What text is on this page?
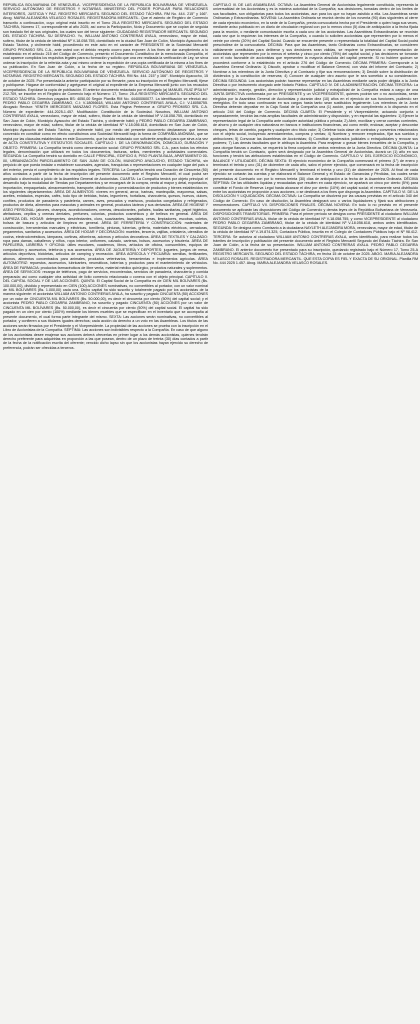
REPÚBLICA BOLIVARIANA DE VENEZUELA. VICEPRESIDENCIA DE LA REPÚBLICA BOLIVARIANA DE VENEZUELA. SERVICIO AUTÓNOMO DE REGISTROS Y NOTARÍAS. MINISTERIO DEL PODER POPULAR PARA RELACIONES INTERIORES, JUSTICIA Y PAZ. REGISTRO MERCANTIL SEGUNDO DEL ESTADO TÁCHIRA. RM No. 444. 215° y 166°. Abog. MARIA ALEJANDRA VELASCO ROSALES. REGISTRADORA MERCANTIL. Que el asiento de Registro de Comercio transcrito a continuación, cuyo original está inscrito en el Tomo 25-A REGISTRO MERCANTIL SEGUNDO DEL ESTADO TÁCHIRA, Número 17, correspondiente al año 2025, así como la Participación, Nota y Documento que se copian de seguida son traslado fiel de sus originales, los cuales son del tenor siguiente: CIUDADANO REGISTRADOR MERCANTIL SEGUNDO DEL ESTADO TÁCHIRA. SU DESPACHO. Yo, WILLIAM ANTONIO CONTRERAS AYALA, venezolano, mayor de edad, soltero, titular de la cédula de identidad Nº V-18.058.755, domiciliado en la ciudad San Juan de Colón, Municipio Ayacucho del Estado Táchira, y civilmente hábil, procediendo en este acto en mi carácter de PRESIDENTE de la Sociedad Mercantil GRUPO PROMISO SRL C.A., ante usted con el debido respeto ocurro para exponer: A los fines de dar cumplimiento a lo establecido en el artículo 215 del Código de Comercio, presento el Documento Constitutivo de la mencionada Compañía, el cual aparece cumplidos los requisitos legales para su formación y solicito que una vez realizada la verificación de Ley, se sirva ordenar la inscripción de la referida acta y así mismo ordene la expedición de una copia certificada de la misma a los fines de su publicación. En San Juan de Colón, a la fecha de su registro. REPÚBLICA BOLIVARIANA DE VENEZUELA. VICEPRESIDENCIA DE LA REPÚBLICA BOLIVARIANA DE VENEZUELA. SERVICIO AUTÓNOMO DE REGISTROS Y NOTARÍAS. REGISTRO MERCANTIL SEGUNDO DEL ESTADO TÁCHIRA. RM No. 444. 215° y 166°. Municipio Ayacucho, 15 de octubre de 2025. Por presentada la anterior participación por su firmante, para su inscripción en el Registro Mercantil, fíjese y publíquese. Hágase de conformidad y agréguese el original al expediente de la Empresa Mercantil junto con los recaudos acompañados. Expídase la copia de publicación. El anterior documento redactado por el Abogado (a) MANUEL RUIZ IPSA N.º 212.709, se inscribe en el Registro de Comercio bajo el Número: 17, Tomo: 25-A REGISTRO MERCANTIL SEGUNDO DEL ESTADO TÁCHIRA. Derechos pagados BS: 4050,00 Según Planilla RM No. 44400060077. La identificación se efectuó así: PEDRO PABLO CEGARRA ZAMBRANO, C.I: V-18056618, WILLIAM ANTONIO CONTRERAS AYALA, C.I: V-18058755. Abogado Revisor: YENITH MERCEDES MANZANO FLORES. Esta Página Pertenece a: GRUPO PROMISO SRL C.A. Número de expediente: 444-2025-1.457. Modificación: Constitución de la Sociedad. Nosotros, WILLIAM ANTONIO CONTRERAS AYALA, venezolano, mayor de edad, soltero, titular de la cédula de identidad Nº V-18.058.755, domiciliado en San Juan de Colón, Municipio Ayacucho del Estado Táchira, y civilmente hábil; y PEDRO PABLO CEGARRA ZAMBRANO, venezolano, mayor de edad, soltero, titular de la cédula de identidad Nº V-18.056.618, domiciliado en San Juan de Colón, Municipio Ayacucho del Estado Táchira, y civilmente hábil, por medio del presente documento declaramos: que hemos convenido en constituir como en efecto constituimos una Sociedad Mercantil bajo la forma de COMPAÑÍA ANÓNIMA, que se regirá por las cláusulas establecidas en este Documento, que ha sido redactado con suficiente amplitud para que sirva a la vez de ACTA CONSTITUTIVA Y ESTATUTOS SOCIALES. CAPÍTULO I. DE LA DENOMINACIÓN, DOMICILIO, DURACIÓN Y OBJETO. PRIMERA: La Compañía tendrá como denominación social: GRUPO PROMISO SRL C.A., para todos los efectos legales, denominación que utilizará en todos los documentos, facturas, sellos, membretes y actividades comerciales. SEGUNDA: La Compañía tendrá su domicilio en CALLE PRINCIPAL, EDIFICIO 8, PISO PLANTA BAJA, APARTAMENTO 00-00, URBANIZACIÓN PARCELAMIENTO DE SAN JUAN DE COLÓN, MUNICIPIO AYACUCHO, ESTADO TÁCHIRA, sin perjuicio de que pueda instalar o establecer sucursales, agencias, franquicias o representaciones en cualquier lugar del país o del exterior, previa el cumplimiento de los requisitos legales. TERCERA: La Compañía tendrá una Duración de Cincuenta (50) años contados a partir de la fecha de inscripción del presente documento ante el Registro Mercantil, el cual podrá ser ampliado o disminuido a juicio de la Asamblea General de Accionistas. CUARTA: La Compañía tendrá por objeto principal: el desarrollo bajo la modalidad de Tiendas por Departamentos y se encargará de la compra, venta al mayor y detal, exportación, importación, empaquetado, almacenamiento, transporte, distribución y comercialización de productos y bienes establecidos en los siguientes departamentos: ÁREA DE ALIMENTOS: víveres en general, arroz, harinas, mantequilla, mayonesa, salsas, aceites, enlatados, especias, cafés, todo tipo de bebidas, frutas, legumbres, hortalizas, charcutería, quesos, huevos, dulces, confites, productos de panadería y pastelería, carnes, aves, pescados y mariscos, productos congelados y refrigerados, productos de dieta, alimentos para mascotas y animales en general, productos lácteos y sus derivados. ÁREA DE HIGIENE Y ASEO PERSONAL: jabones, champús, acondicionadores, cremas, desodorantes, pañales, toallas sanitarias, papel higiénico, afeitadoras, cepillos y cremas dentales, perfumes, colonias, productos cosméticos y de belleza en general. ÁREA DE LIMPIEZA DEL HOGAR: detergentes, desinfectantes, cloro, suavizantes, lavaplatos, ceras, limpiadores, escobas, coletos, bolsas de basura y artículos de limpieza en general. ÁREA DE FERRETERÍA Y CONSTRUCCIÓN: materiales de construcción, herramientas manuales y eléctricas, tornillería, pinturas, tuberías, grifería, materiales eléctricos, cerraduras, pegamentos, sanitarios y accesorios. ÁREA DE HOGAR Y DECORACIÓN: muebles, lencería, vajillas, cristalería, utensilios de cocina, electrodomésticos, lámparas, cortinas, alfombras, adornos y artículos decorativos. ÁREA DE TEXTILES Y CALZADO: ropa para damas, caballeros y niños, ropa interior, uniformes, calzado, carteras, bolsos, accesorios y bisutería. ÁREA DE PAPELERÍA, LIBRERÍA Y OFICINA: útiles escolares, cuadernos, libros, artículos de oficina, consumibles, equipos de computación y accesorios, telefonía y sus accesorios. ÁREA DE JUGUETERÍA Y DEPORTES: juguetes, juegos de mesa, artículos deportivos, bicicletas, artículos de camping y recreación. ÁREA AGRÍCOLA Y PECUARIA: semillas, fertilizantes, abonos, alimentos concentrados para animales, productos veterinarios, herramientas e implementos agrícolas. ÁREA AUTOMOTRIZ: repuestos, accesorios, lubricantes, neumáticos, baterías y productos para el mantenimiento de vehículos. ÁREA DE FARMACIA: productos farmacéuticos de libre venta, material médico quirúrgico, productos naturales y suplementos. ÁREA DE SERVICIOS: recarga de teléfonos, pago de servicios, encomiendas, servicios de panadería, charcutería y comida preparada; así como cualquier otra actividad de lícito comercio relacionada o conexa con el objeto principal. CAPÍTULO II. DEL CAPITAL SOCIAL Y DE LAS ACCIONES. QUINTA: El Capital Social de la Compañía es de CIEN MIL BOLÍVARES (Bs. 100.000,00), dividido y representado en CIEN (100) ACCIONES nominativas, no convertibles al portador, con un valor nominal de MIL BOLÍVARES (Bs. 1.000,00) cada una. Dicho capital ha sido suscrito y totalmente pagado por los accionistas de la manera siguiente: el accionista WILLIAM ANTONIO CONTRERAS AYALA, ha suscrito y pagado CINCUENTA (50) ACCIONES por un valor de CINCUENTA MIL BOLÍVARES (Bs. 50.000,00), es decir el cincuenta por ciento (50%) del capital social; y el accionista PEDRO PABLO CEGARRA ZAMBRANO, ha suscrito y pagado CINCUENTA (50) ACCIONES por un valor de CINCUENTA MIL BOLÍVARES (Bs. 50.000,00), es decir el cincuenta por ciento (50%) del capital social. El capital ha sido pagado en un cien por ciento (100%) mediante los bienes muebles que se especifican en el inventario que se acompaña al presente documento, el cual forma parte integrante del mismo. SEXTA: Las acciones serán nominativas, no convertibles al portador, y confieren a sus titulares iguales derechos; cada acción da derecho a un voto en las Asambleas. Los títulos de las acciones serán firmados por el Presidente y el Vicepresidente. La propiedad de las acciones se prueba con la inscripción en el Libro de Accionistas de la Compañía. SÉPTIMA: Las acciones son indivisibles respecto a la Compañía. En caso de que alguno de los accionistas desee enajenar sus acciones deberá ofrecerlas en primer lugar a los demás accionistas, quienes tendrán derecho preferente para adquirirlas en proporción a las que posean, dentro de un plazo de treinta (30) días contados a partir de la fecha de la notificación escrita del oferente; vencido dicho lapso sin que los accionistas hayan ejercido su derecho de preferencia, podrán ser ofrecidas a terceros.

CAPÍTULO III. DE LAS ASAMBLEAS. OCTAVA: La Asamblea General de Accionistas legalmente constituida, representa la universalidad de los Accionistas y es la máxima autoridad de la Compañía; sus decisiones, tomadas dentro de los límites de sus facultades, son obligatorias para todos los accionistas, aun para los que no hayan asistido a ella. Las Asambleas serán Ordinarias y Extraordinarias. NOVENA: La Asamblea Ordinaria se reunirá dentro de los noventa (90) días siguientes al cierre de cada ejercicio económico, en la sede de la Compañía, previa convocatoria hecha por el Presidente o quien haga sus veces, mediante aviso publicado en un diario de circulación regional con por lo menos cinco (5) días de anticipación a la fecha fijada para la reunión, o mediante comunicación escrita a cada uno de los accionistas. Las Asambleas Extraordinarias se reunirán cada vez que lo requieran los intereses de la Compañía, o cuando lo soliciten accionistas que representen por lo menos el veinte por ciento (20%) del Capital Social. Cuando se encuentre presente o representada la totalidad del Capital Social podrá prescindirse de la convocatoria. DÉCIMA: Para que las Asambleas, tanto Ordinarias como Extraordinarias, se consideren válidamente constituidas para deliberar y sus decisiones sean válidas, se requiere la presencia o representación de accionistas que representen por lo menos el setenta y cinco por ciento (75%) del capital social, y las decisiones se tomarán con el voto favorable de accionistas que representen la mayoría absoluta del capital presente. Si no hubiere quórum se procederá conforme a lo establecido en el artículo 276 del Código de Comercio. DÉCIMA PRIMERA: Corresponde a la Asamblea General Ordinaria: 1) Discutir, aprobar o modificar el Balance General, con vista del informe del Comisario; 2) Nombrar a los miembros de la Junta Directiva y al Comisario y fijar sus remuneraciones; 3) Decidir sobre la distribución de dividendos y la constitución de reservas; 4) Conocer de cualquier otro asunto que le sea sometido a su consideración. DÉCIMA SEGUNDA: Los accionistas podrán hacerse representar en las Asambleas mediante carta poder dirigida a la Junta Directiva o por instrumento otorgado ante Notario Público. CAPÍTULO IV. DE LA ADMINISTRACIÓN. DÉCIMA TERCERA: La administración, manejo, gestión, dirección y representación judicial y extrajudicial de la Compañía estará a cargo de una JUNTA DIRECTIVA conformada por un PRESIDENTE y un VICEPRESIDENTE, quienes podrán ser o no accionistas, serán elegidos por la Asamblea General de Accionistas y durarán diez (10) años en el ejercicio de sus funciones, pudiendo ser reelegidos. En todo caso continuarán en sus cargos hasta tanto sean sustituidos legalmente. Los miembros de la Junta Directiva deberán depositar en la Caja Social de la Compañía una (1) acción, para dar cumplimiento a lo dispuesto en el artículo 244 del Código de Comercio. DÉCIMA CUARTA: El Presidente y el Vicepresidente, actuando conjunta o separadamente, tendrán las más amplias facultades de administración y disposición, y en especial las siguientes: 1) Ejercer la representación legal de la Compañía ante cualquier autoridad pública o privada; 2) Abrir, movilizar y cerrar cuentas corrientes, de ahorro y de cualquier otra naturaleza en bancos e instituciones financieras, así como emitir, endosar, aceptar y descontar cheques, letras de cambio, pagarés y cualquier otro título valor; 3) Celebrar toda clase de contratos y convenios relacionados con el objeto social, incluyendo arrendamientos, compras y ventas; 4) Nombrar y remover empleados, fijar sus sueldos y atribuciones; 5) Convocar las Asambleas de Accionistas; 6) Constituir apoderados judiciales o extrajudiciales y revocar sus poderes; 7) Las demás facultades que le atribuya la Asamblea. Para enajenar o gravar bienes inmuebles de la Compañía, y para otorgar fianzas o avales, se requerirá la firma conjunta de ambos miembros de la Junta Directiva. DÉCIMA QUINTA: La Compañía tendrá un Comisario, quien será designado por la Asamblea General de Accionistas, durará un (1) año en sus funciones y tendrá las atribuciones establecidas en el Código de Comercio. CAPÍTULO V. DEL EJERCICIO ECONÓMICO, BALANCE Y UTILIDADES. DÉCIMA SEXTA: El ejercicio económico de la Compañía comenzará el primero (1°) de enero y terminará el treinta y uno (31) de diciembre de cada año, salvo el primer ejercicio, que comenzará en la fecha de inscripción del presente documento en el Registro Mercantil y terminará el treinta y uno (31) de diciembre de 2025. Al final de cada ejercicio se cortarán las cuentas y se elaborará el Balance General y el Estado de Ganancias y Pérdidas, los cuales serán presentados al Comisario con por lo menos treinta (30) días de anticipación a la fecha de la Asamblea Ordinaria. DÉCIMA SÉPTIMA: De las utilidades líquidas y recaudadas que resulten en cada ejercicio, se apartará un cinco por ciento (5%) para constituir el Fondo de Reserva Legal hasta alcanzar el diez por ciento (10%) del capital social; el remanente será distribuido entre los accionistas en proporción a sus acciones, o se destinará a los fines que disponga la Asamblea. CAPÍTULO VI. DE LA DISOLUCIÓN Y LIQUIDACIÓN. DÉCIMA OCTAVA: La Compañía se disolverá por las causas previstas en el artículo 340 del Código de Comercio. En caso de disolución, la Asamblea designará uno o varios liquidadores y fijará sus atribuciones y remuneraciones. CAPÍTULO VII. DISPOSICIONES FINALES. DÉCIMA NOVENA: En todo lo no previsto en el presente documento se aplicarán las disposiciones del Código de Comercio y demás leyes de la República Bolivariana de Venezuela. DISPOSICIONES TRANSITORIAS. PRIMERA: Para el primer período se designa como PRESIDENTE al ciudadano WILLIAM ANTONIO CONTRERAS AYALA, titular de la cédula de identidad Nº V-18.058.755, y como VICEPRESIDENTE al ciudadano PEDRO PABLO CEGARRA ZAMBRANO, titular de la cédula de identidad Nº V-18.056.618, ambos antes identificados. SEGUNDA: Se designa como Comisario a la ciudadana NAYLETH ALEJANDRA MORA, venezolana, mayor de edad, titular de la cédula de identidad Nº V-19.874.325, Contadora Pública, inscrita en el Colegio de Contadores Públicos bajo el Nº 98.412. TERCERA: Se autoriza al ciudadano WILLIAM ANTONIO CONTRERAS AYALA, antes identificado, para realizar todos los trámites de inscripción y publicación del presente documento ante el Registro Mercantil Segundo del Estado Táchira. En San Juan de Colón, a la fecha de su presentación. WILLIAM ANTONIO CONTRERAS AYALA. PEDRO PABLO CEGARRA ZAMBRANO. El anterior documento fue presentado para su inscripción, quedando registrado bajo el Número 17, Tomo 25-A REGISTRO MERCANTIL SEGUNDO DEL ESTADO TÁCHIRA, en fecha 15 de octubre de 2025. ABOG. MARIA ALEJANDRA VELASCO ROSALES. REGISTRADORA MERCANTIL. QUE ESTA COPIA ES FIEL Y EXACTA DE SU ORIGINAL. Planilla RM No. 444 2025 1.457. Abog. MARIA ALEJANDRA VELASCO ROSALES.
